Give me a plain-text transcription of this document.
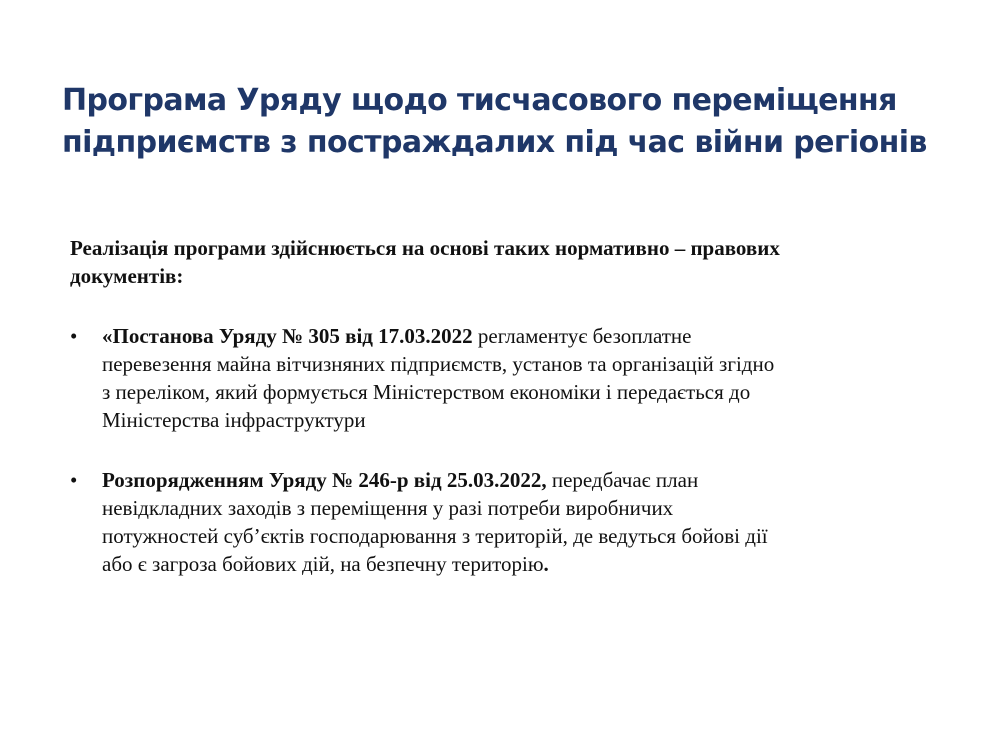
Програма Уряду щодо тисчасового переміщення
підприємств з постраждалих під час війни регіонів

Реалізація програми здійснюється на основі таких нормативно – правових
документів:

• «Постанова Уряду № 305 від 17.03.2022 регламентує безоплатне
перевезення майна вітчизняних підприємств, установ та організацій згідно
з переліком, який формується Міністерством економіки і передається до
Міністерства інфраструктури
• Розпорядженням Уряду № 246-р від 25.03.2022, передбачає план
невідкладних заходів з переміщення у разі потреби виробничих
потужностей суб’єктів господарювання з територій, де ведуться бойові дії
або є загроза бойових дій, на безпечну територію.
